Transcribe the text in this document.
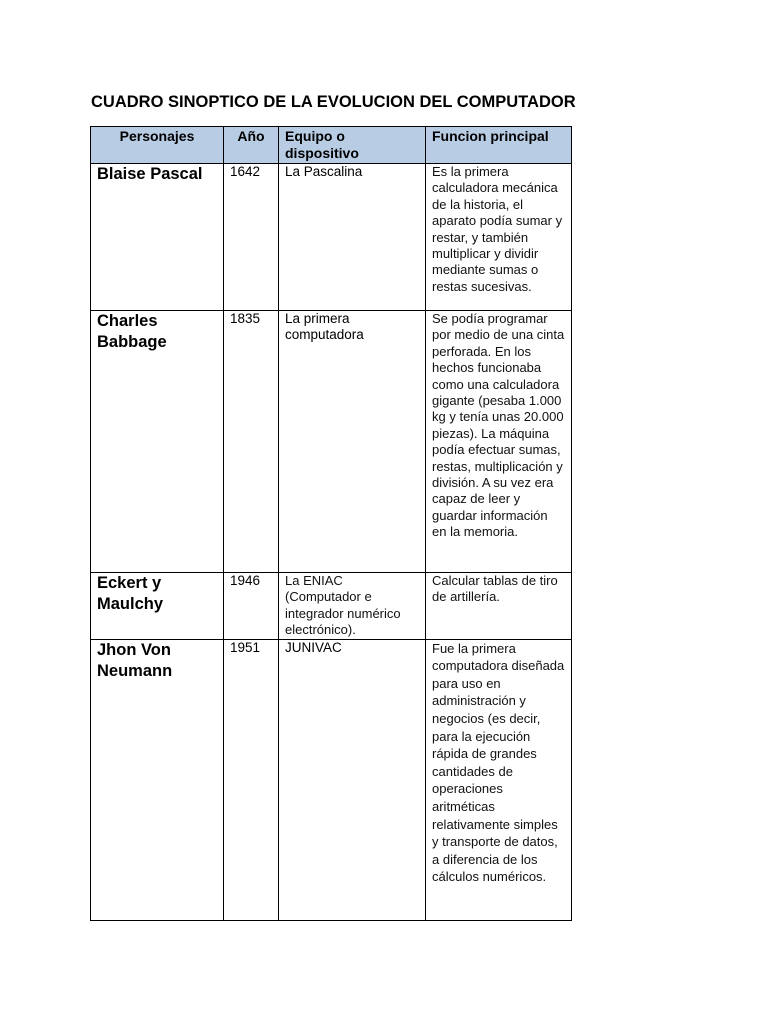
CUADRO SINOPTICO DE LA EVOLUCION DEL COMPUTADOR
Personajes	Año	Equipo o dispositivo	Funcion principal

Blaise Pascal	1642	La Pascalina	Es la primera calculadora mecánica de la historia, el aparato podía sumar y restar, y también multiplicar y dividir mediante sumas o restas sucesivas.

Charles Babbage	1835	La primera computadora	Se podía programar por medio de una cinta perforada. En los hechos funcionaba como una calculadora gigante (pesaba 1.000 kg y tenía unas 20.000 piezas). La máquina podía efectuar sumas, restas, multiplicación y división. A su vez era capaz de leer y guardar información en la memoria.

Eckert y Maulchy	1946	La ENIAC (Computador e integrador numérico electrónico).	Calcular tablas de tiro de artillería.

Jhon Von Neumann	1951	JUNIVAC	Fue la primera computadora diseñada para uso en administración y negocios (es decir, para la ejecución rápida de grandes cantidades de operaciones aritméticas relativamente simples y transporte de datos, a diferencia de los cálculos numéricos.
